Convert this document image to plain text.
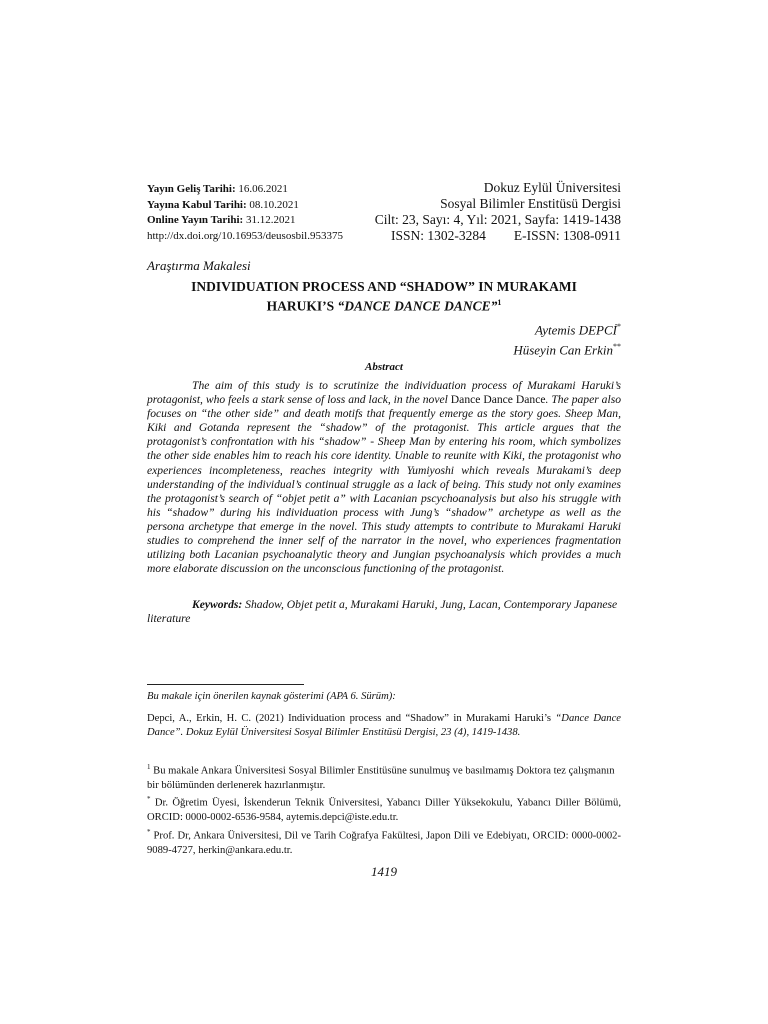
Yayın Geliş Tarihi: 16.06.2021
Yayına Kabul Tarihi: 08.10.2021
Online Yayın Tarihi: 31.12.2021
http://dx.doi.org/10.16953/deusosbil.953375
Dokuz Eylül Üniversitesi
Sosyal Bilimler Enstitüsü Dergisi
Cilt: 23, Sayı: 4, Yıl: 2021, Sayfa: 1419-1438
ISSN: 1302-3284 E-ISSN: 1308-0911
Araştırma Makalesi
INDIVIDUATION PROCESS AND “SHADOW” IN MURAKAMI
HARUKI’S “DANCE DANCE DANCE”$^1$
Aytemis DEPCİ*
Hüseyin Can Erkin**
Abstract

The aim of this study is to scrutinize the individuation process of Murakami Haruki’s protagonist, who feels a stark sense of loss and lack, in the novel Dance Dance Dance. The paper also focuses on “the other side” and death motifs that frequently emerge as the story goes. Sheep Man, Kiki and Gotanda represent the “shadow” of the protagonist. This article argues that the protagonist’s confrontation with his “shadow” - Sheep Man by entering his room, which symbolizes the other side enables him to reach his core identity. Unable to reunite with Kiki, the protagonist who experiences incompleteness, reaches integrity with Yumiyoshi which reveals Murakami’s deep understanding of the individual’s continual struggle as a lack of being. This study not only examines the protagonist’s search of “objet petit a” with Lacanian pscychoanalysis but also his struggle with his “shadow” during his individuation process with Jung’s “shadow” archetype as well as the persona archetype that emerge in the novel. This study attempts to contribute to Murakami Haruki studies to comprehend the inner self of the narrator in the novel, who experiences fragmentation utilizing both Lacanian psychoanalytic theory and Jungian psychoanalysis which provides a much more elaborate discussion on the unconscious functioning of the protagonist.

Keywords: Shadow, Objet petit a, Murakami Haruki, Jung, Lacan, Contemporary Japanese literature

Bu makale için önerilen kaynak gösterimi (APA 6. Sürüm):

Depci, A., Erkin, H. C. (2021) Individuation process and “Shadow” in Murakami Haruki’s “Dance Dance Dance”. Dokuz Eylül Üniversitesi Sosyal Bilimler Enstitüsü Dergisi, 23 (4), 1419-1438.

$^1$ Bu makale Ankara Üniversitesi Sosyal Bilimler Enstitüsüne sunulmuş ve basılmamış Doktora tez çalışmanın bir bölümünden derlenerek hazırlanmıştır.

* Dr. Öğretim Üyesi, İskenderun Teknik Üniversitesi, Yabancı Diller Yüksekokulu, Yabancı Diller Bölümü, ORCID: 0000-0002-6536-9584, aytemis.depci@iste.edu.tr.

* Prof. Dr, Ankara Üniversitesi, Dil ve Tarih Coğrafya Fakültesi, Japon Dili ve Edebiyatı, ORCID: 0000-0002-9089-4727, herkin@ankara.edu.tr.

1419
